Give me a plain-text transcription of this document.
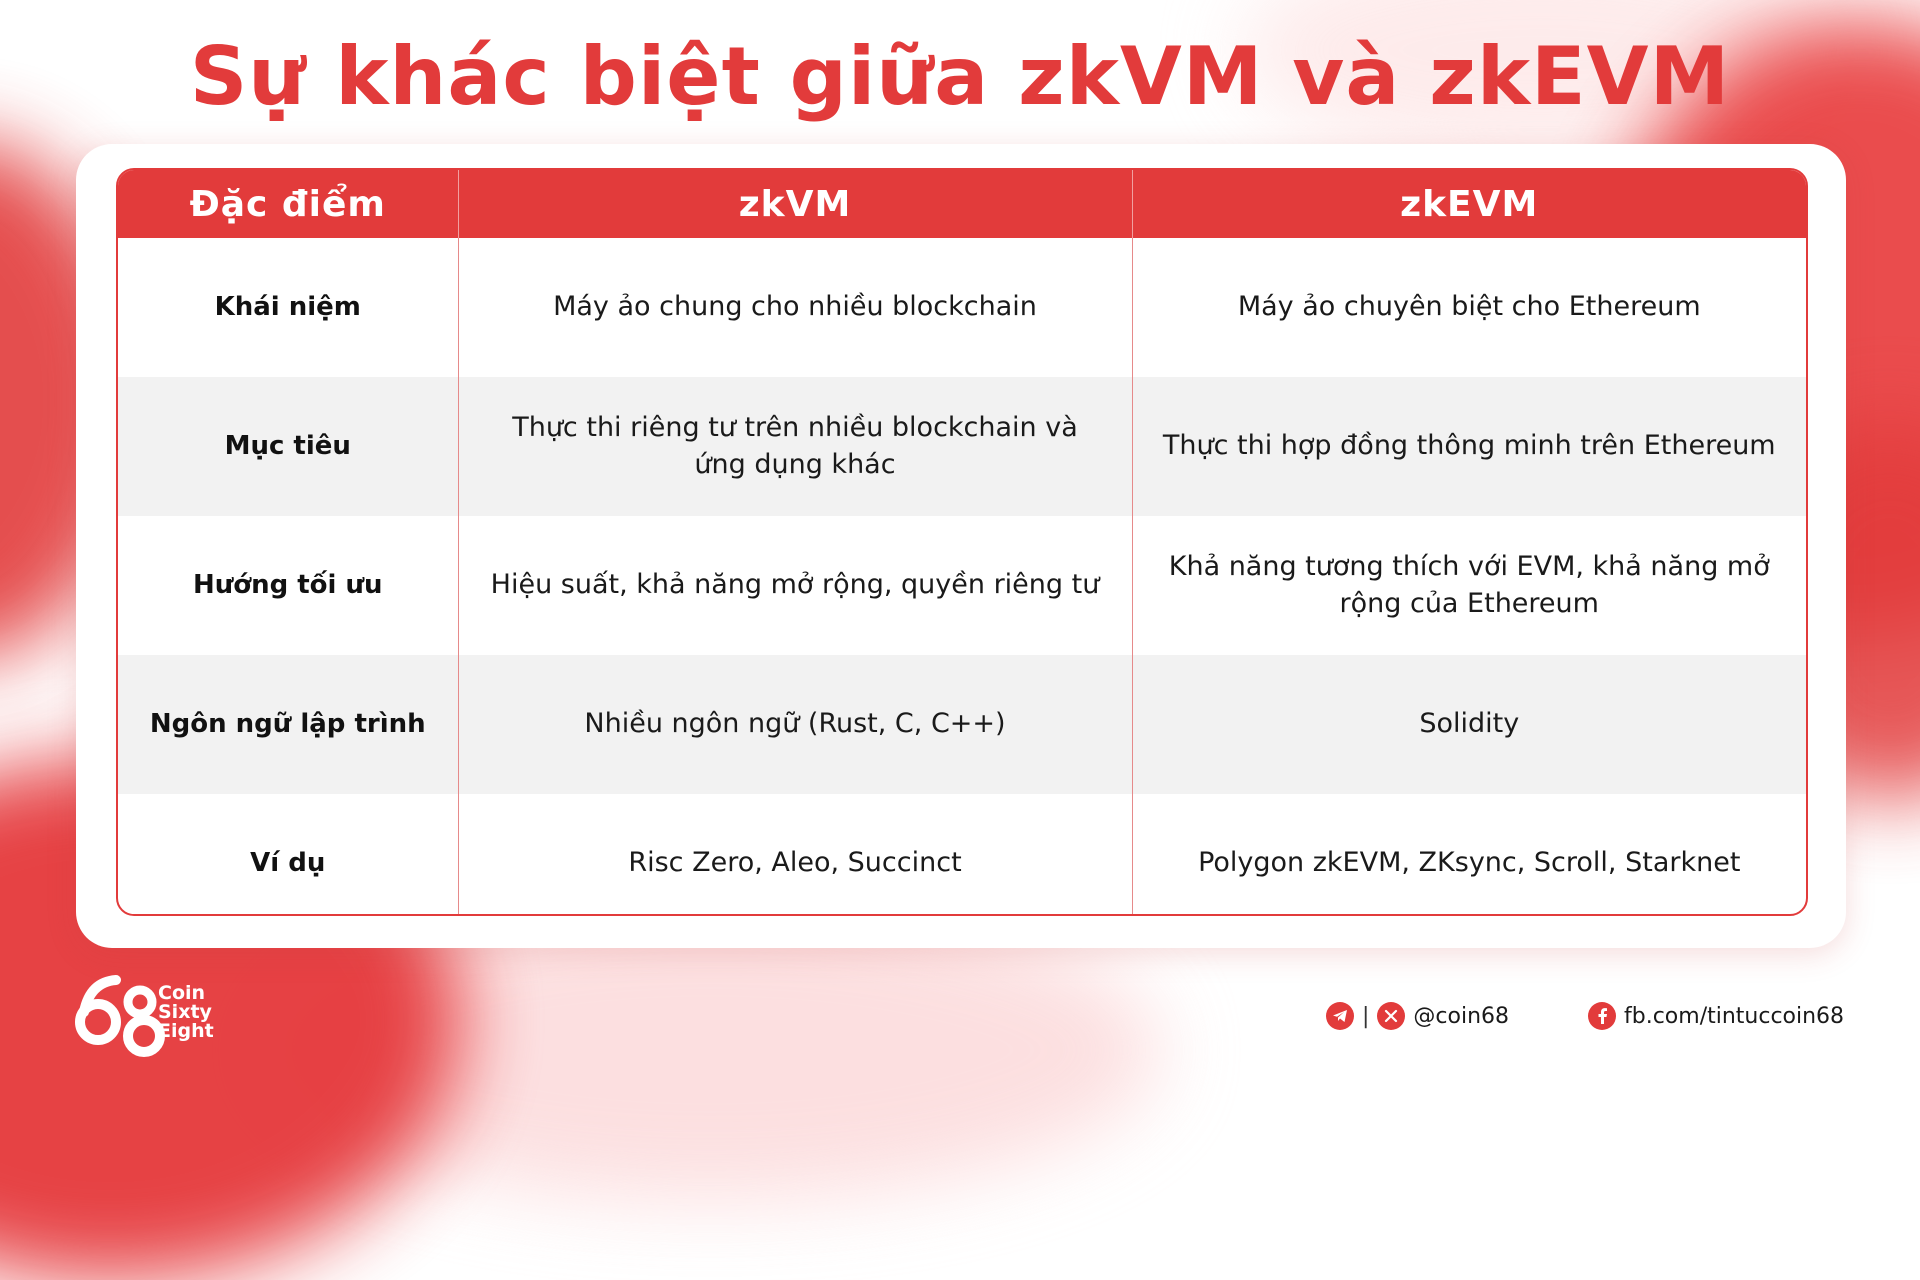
Sự khác biệt giữa zkVM và zkEVM
Đặc điểm	zkVM	zkEVM
Khái niệm	Máy ảo chung cho nhiều blockchain	Máy ảo chuyên biệt cho Ethereum
Mục tiêu	Thực thi riêng tư trên nhiều blockchain và ứng dụng khác	Thực thi hợp đồng thông minh trên Ethereum
Hướng tối ưu	Hiệu suất, khả năng mở rộng, quyền riêng tư	Khả năng tương thích với EVM, khả năng mở rộng của Ethereum
Ngôn ngữ lập trình	Nhiều ngôn ngữ (Rust, C, C++)	Solidity
Ví dụ	Risc Zero, Aleo, Succinct	Polygon zkEVM, ZKsync, Scroll, Starknet
Coin
Sixty
Eight
| @coin68	fb.com/tintuccoin68
